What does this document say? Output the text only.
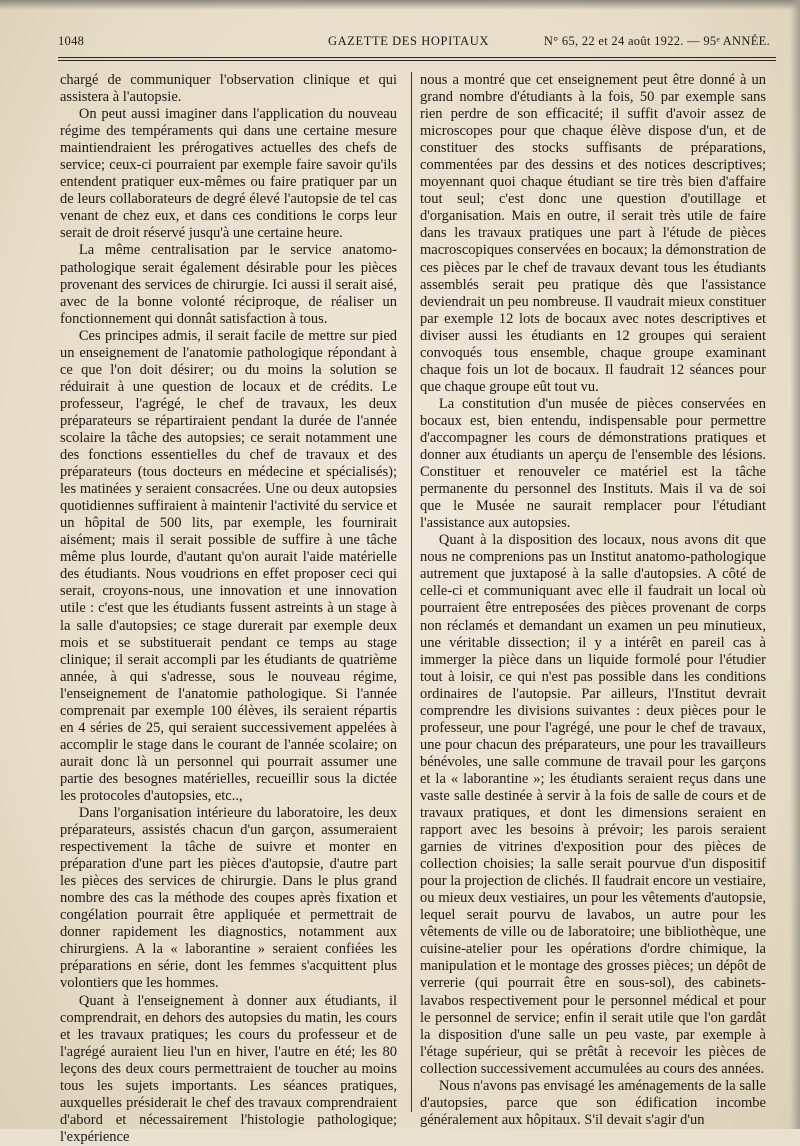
1048	GAZETTE DES HOPITAUX	N° 65, 22 et 24 août 1922. — 95ᵉ ANNÉE.

chargé de communiquer l'observation clinique et qui assistera à l'autopsie.

On peut aussi imaginer dans l'application du nouveau régime des tempéraments qui dans une certaine mesure maintiendraient les prérogatives actuelles des chefs de service; ceux-ci pourraient par exemple faire savoir qu'ils entendent pratiquer eux-mêmes ou faire pratiquer par un de leurs collaborateurs de degré élevé l'autopsie de tel cas venant de chez eux, et dans ces conditions le corps leur serait de droit réservé jusqu'à une certaine heure.

La même centralisation par le service anatomo-pathologique serait également désirable pour les pièces provenant des services de chirurgie. Ici aussi il serait aisé, avec de la bonne volonté réciproque, de réaliser un fonctionnement qui donnât satisfaction à tous.

Ces principes admis, il serait facile de mettre sur pied un enseignement de l'anatomie pathologique répondant à ce que l'on doit désirer; ou du moins la solution se réduirait à une question de locaux et de crédits. Le professeur, l'agrégé, le chef de travaux, les deux préparateurs se répartiraient pendant la durée de l'année scolaire la tâche des autopsies; ce serait notamment une des fonctions essentielles du chef de travaux et des préparateurs (tous docteurs en médecine et spécialisés); les matinées y seraient consacrées. Une ou deux autopsies quotidiennes suffiraient à maintenir l'activité du service et un hôpital de 500 lits, par exemple, les fournirait aisément; mais il serait possible de suffire à une tâche même plus lourde, d'autant qu'on aurait l'aide matérielle des étudiants. Nous voudrions en effet proposer ceci qui serait, croyons-nous, une innovation et une innovation utile : c'est que les étudiants fussent astreints à un stage à la salle d'autopsies; ce stage durerait par exemple deux mois et se substituerait pendant ce temps au stage clinique; il serait accompli par les étudiants de quatrième année, à qui s'adresse, sous le nouveau régime, l'enseignement de l'anatomie pathologique. Si l'année comprenait par exemple 100 élèves, ils seraient répartis en 4 séries de 25, qui seraient successivement appelées à accomplir le stage dans le courant de l'année scolaire; on aurait donc là un personnel qui pourrait assumer une partie des besognes matérielles, recueillir sous la dictée les protocoles d'autopsies, etc..,

Dans l'organisation intérieure du laboratoire, les deux préparateurs, assistés chacun d'un garçon, assumeraient respectivement la tâche de suivre et monter en préparation d'une part les pièces d'autopsie, d'autre part les pièces des services de chirurgie. Dans le plus grand nombre des cas la méthode des coupes après fixation et congélation pourrait être appliquée et permettrait de donner rapidement les diagnostics, notamment aux chirurgiens. A la « laborantine » seraient confiées les préparations en série, dont les femmes s'acquittent plus volontiers que les hommes.

Quant à l'enseignement à donner aux étudiants, il comprendrait, en dehors des autopsies du matin, les cours et les travaux pratiques; les cours du professeur et de l'agrégé auraient lieu l'un en hiver, l'autre en été; les 80 leçons des deux cours permettraient de toucher au moins tous les sujets importants. Les séances pratiques, auxquelles présiderait le chef des travaux comprendraient d'abord et nécessairement l'histologie pathologique; l'expérience

nous a montré que cet enseignement peut être donné à un grand nombre d'étudiants à la fois, 50 par exemple sans rien perdre de son efficacité; il suffit d'avoir assez de microscopes pour que chaque élève dispose d'un, et de constituer des stocks suffisants de préparations, commentées par des dessins et des notices descriptives; moyennant quoi chaque étudiant se tire très bien d'affaire tout seul; c'est donc une question d'outillage et d'organisation. Mais en outre, il serait très utile de faire dans les travaux pratiques une part à l'étude de pièces macroscopiques conservées en bocaux; la démonstration de ces pièces par le chef de travaux devant tous les étudiants assemblés serait peu pratique dès que l'assistance deviendrait un peu nombreuse. Il vaudrait mieux constituer par exemple 12 lots de bocaux avec notes descriptives et diviser aussi les étudiants en 12 groupes qui seraient convoqués tous ensemble, chaque groupe examinant chaque fois un lot de bocaux. Il faudrait 12 séances pour que chaque groupe eût tout vu.

La constitution d'un musée de pièces conservées en bocaux est, bien entendu, indispensable pour permettre d'accompagner les cours de démonstrations pratiques et donner aux étudiants un aperçu de l'ensemble des lésions. Constituer et renouveler ce matériel est la tâche permanente du personnel des Instituts. Mais il va de soi que le Musée ne saurait remplacer pour l'étudiant l'assistance aux autopsies.

Quant à la disposition des locaux, nous avons dit que nous ne comprenions pas un Institut anatomo-pathologique autrement que juxtaposé à la salle d'autopsies. A côté de celle-ci et communiquant avec elle il faudrait un local où pourraient être entreposées des pièces provenant de corps non réclamés et demandant un examen un peu minutieux, une véritable dissection; il y a intérêt en pareil cas à immerger la pièce dans un liquide formolé pour l'étudier tout à loisir, ce qui n'est pas possible dans les conditions ordinaires de l'autopsie. Par ailleurs, l'Institut devrait comprendre les divisions suivantes : deux pièces pour le professeur, une pour l'agrégé, une pour le chef de travaux, une pour chacun des préparateurs, une pour les travailleurs bénévoles, une salle commune de travail pour les garçons et la « laborantine »; les étudiants seraient reçus dans une vaste salle destinée à servir à la fois de salle de cours et de travaux pratiques, et dont les dimensions seraient en rapport avec les besoins à prévoir; les parois seraient garnies de vitrines d'exposition pour des pièces de collection choisies; la salle serait pourvue d'un dispositif pour la projection de clichés. Il faudrait encore un vestiaire, ou mieux deux vestiaires, un pour les vêtements d'autopsie, lequel serait pourvu de lavabos, un autre pour les vêtements de ville ou de laboratoire; une bibliothèque, une cuisine-atelier pour les opérations d'ordre chimique, la manipulation et le montage des grosses pièces; un dépôt de verrerie (qui pourrait être en sous-sol), des cabinets-lavabos respectivement pour le personnel médical et pour le personnel de service; enfin il serait utile que l'on gardât la disposition d'une salle un peu vaste, par exemple à l'étage supérieur, qui se prêtât à recevoir les pièces de collection successivement accumulées au cours des années.

Nous n'avons pas envisagé les aménagements de la salle d'autopsies, parce que son édification incombe généralement aux hôpitaux. S'il devait s'agir d'un
